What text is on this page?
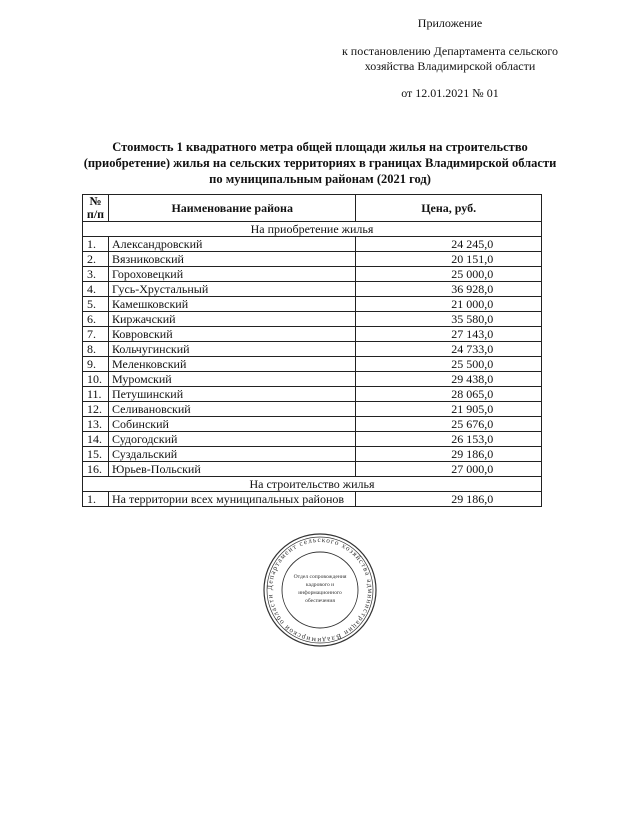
Приложение
к постановлению Департамента сельского хозяйства Владимирской области
от 12.01.2021 № 01
Стоимость 1 квадратного метра общей площади жилья на строительство (приобретение) жилья на сельских территориях в границах Владимирской области по муниципальным районам (2021 год)
№ п/п	Наименование района	Цена, руб.
На приобретение жилья		
1.	Александровский	24 245,0
2.	Вязниковский	20 151,0
3.	Гороховецкий	25 000,0
4.	Гусь-Хрустальный	36 928,0
5.	Камешковский	21 000,0
6.	Киржачский	35 580,0
7.	Ковровский	27 143,0
8.	Кольчугинский	24 733,0
9.	Меленковский	25 500,0
10.	Муромский	29 438,0
11.	Петушинский	28 065,0
12.	Селивановский	21 905,0
13.	Собинский	25 676,0
14.	Судогодский	26 153,0
15.	Суздальский	29 186,0
16.	Юрьев-Польский	27 000,0
На строительство жилья		
1.	На территории всех муниципальных районов	29 186,0
Департамент сельского хозяйства администрации Владимирской области
Отдел сопровождения
кадрового и
информационного
обеспечения
